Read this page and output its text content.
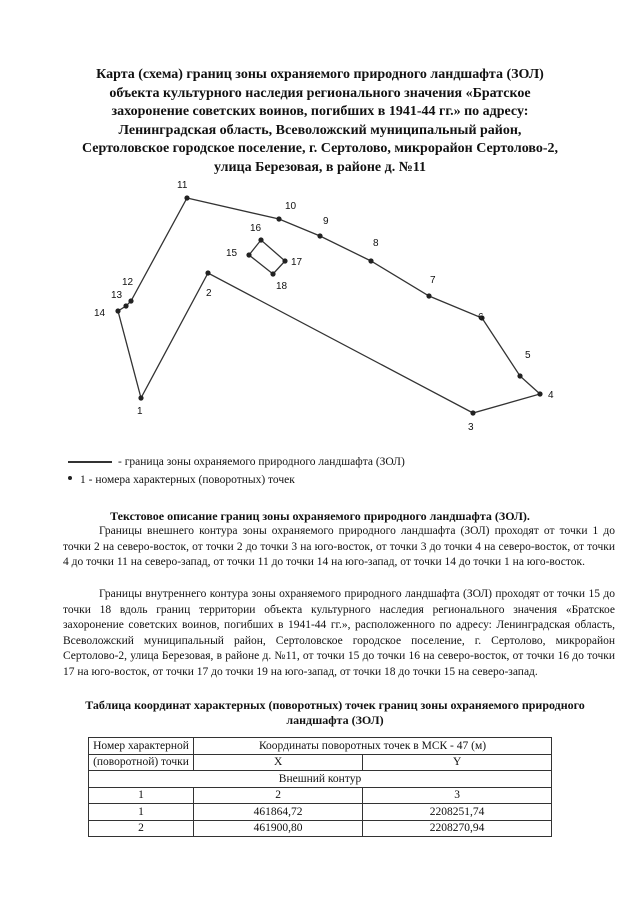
Карта (схема) границ зоны охраняемого природного ландшафта (ЗОЛ)
объекта культурного наследия регионального значения «Братское
захоронение советских воинов, погибших в 1941-44 гг.» по адресу:
Ленинградская область, Всеволожский муниципальный район,
Сертоловское городское поселение, г. Сертолово, микрорайон Сертолово-2,
улица Березовая, в районе д. №11
1
2
3
4
5
6
7
8
9
10
11
12
13
14
15
16
17
18
- граница зоны охраняемого природного ландшафта (ЗОЛ)
1 - номера характерных (поворотных) точек
Текстовое описание границ зоны охраняемого природного ландшафта (ЗОЛ).

Границы внешнего контура зоны охраняемого природного ландшафта (ЗОЛ) проходят от точки 1 до точки 2 на северо-восток, от точки 2 до точки 3 на юго-восток, от точки 3 до точки 4 на северо-восток, от точки 4 до точки 11 на северо-запад, от точки 11 до точки 14 на юго-запад, от точки 14 до точки 1 на юго-восток.

Границы внутреннего контура зоны охраняемого природного ландшафта (ЗОЛ) проходят от точки 15 до точки 18 вдоль границ территории объекта культурного наследия регионального значения «Братское захоронение советских воинов, погибших в 1941-44 гг.», расположенного по адресу: Ленинградская область, Всеволожский муниципальный район, Сертоловское городское поселение, г. Сертолово, микрорайон Сертолово-2, улица Березовая, в районе д. №11, от точки 15 до точки 16 на северо-восток, от точки 16 до точки 17 на юго-восток, от точки 17 до точки 19 на юго-запад, от точки 18 до точки 15 на северо-запад.

Таблица координат характерных (поворотных) точек границ зоны охраняемого природного
ландшафта (ЗОЛ)
Номер характерной	Координаты поворотных точек в МСК - 47 (м)	
(поворотной) точки	X	Y
Внешний контур		
1	2	3
1	461864,72	2208251,74
2	461900,80	2208270,94
